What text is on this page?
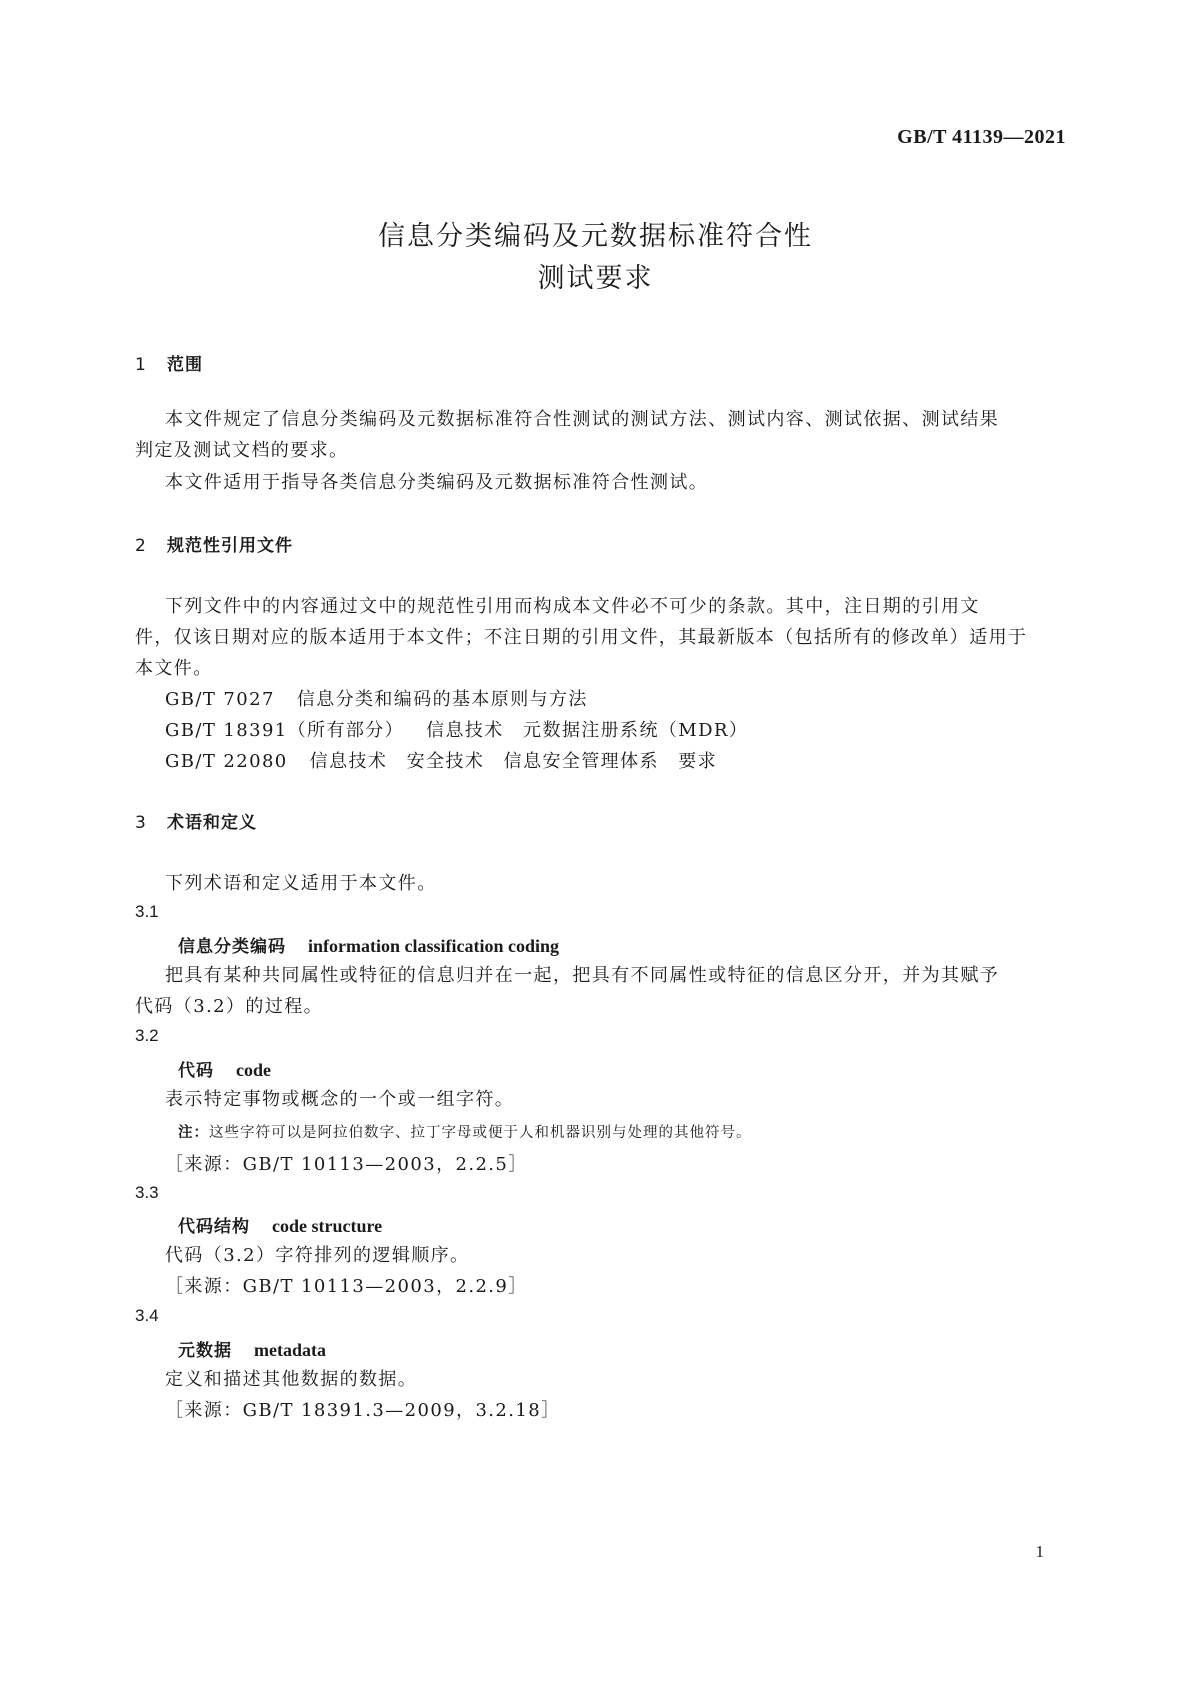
GB/T 41139—2021
信息分类编码及元数据标准符合性
测试要求
1 范围
本文件规定了信息分类编码及元数据标准符合性测试的测试方法、测试内容、测试依据、测试结果
判定及测试文档的要求。
本文件适用于指导各类信息分类编码及元数据标准符合性测试。
2 规范性引用文件
下列文件中的内容通过文中的规范性引用而构成本文件必不可少的条款。其中，注日期的引用文
件，仅该日期对应的版本适用于本文件；不注日期的引用文件，其最新版本（包括所有的修改单）适用于
本文件。
GB/T 7027 信息分类和编码的基本原则与方法
GB/T 18391（所有部分） 信息技术　元数据注册系统（MDR）
GB/T 22080 信息技术　安全技术　信息安全管理体系　要求
3 术语和定义
下列术语和定义适用于本文件。
3.1
信息分类编码 information classification coding
把具有某种共同属性或特征的信息归并在一起，把具有不同属性或特征的信息区分开，并为其赋予
代码（3.2）的过程。
3.2
代码 code
表示特定事物或概念的一个或一组字符。
注：这些字符可以是阿拉伯数字、拉丁字母或便于人和机器识别与处理的其他符号。
［来源：GB/T 10113—2003，2.2.5］
3.3
代码结构 code structure
代码（3.2）字符排列的逻辑顺序。
［来源：GB/T 10113—2003，2.2.9］
3.4
元数据 metadata
定义和描述其他数据的数据。
［来源：GB/T 18391.3—2009，3.2.18］
1
